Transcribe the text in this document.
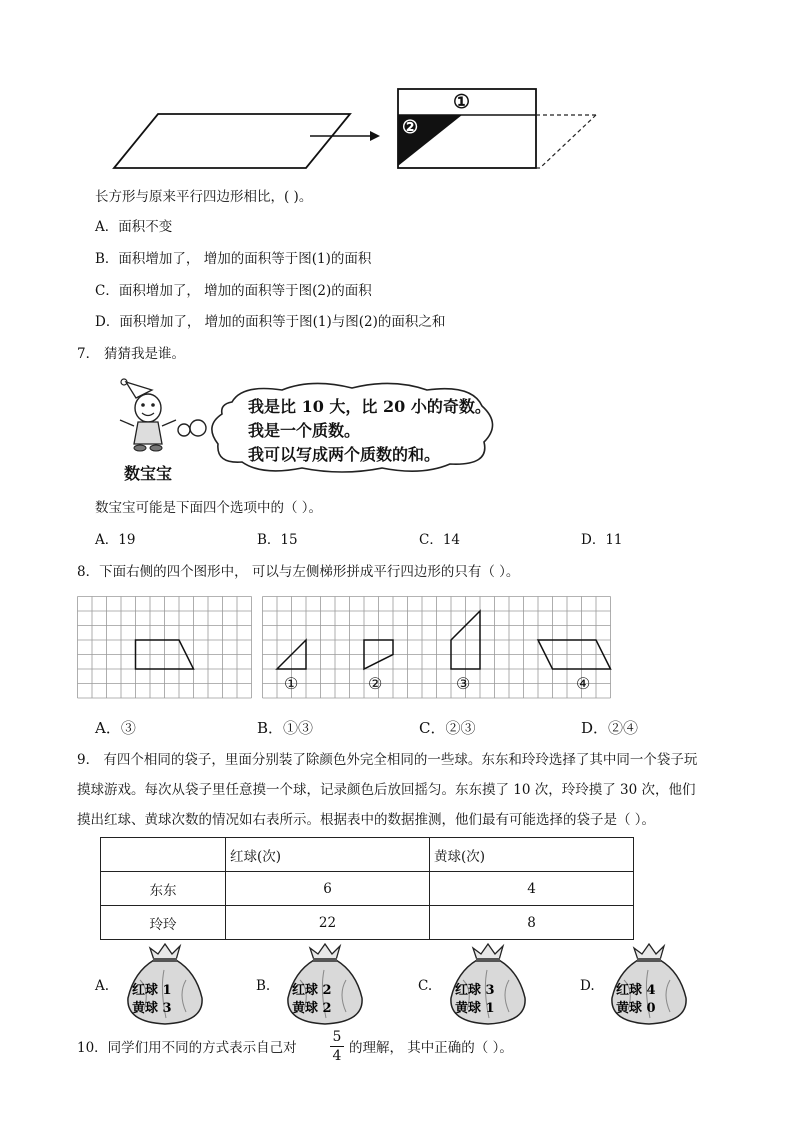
①
②
长方形与原来平行四边形相比，( )。
A．面积不变
B．面积增加了， 增加的面积等于图(1)的面积
C．面积增加了， 增加的面积等于图(2)的面积
D．面积增加了， 增加的面积等于图(1)与图(2)的面积之和
7． 猜猜我是谁。
数宝宝
我是比 10 大，比 20 小的奇数。
我是一个质数。
我可以写成两个质数的和。
数宝宝可能是下面四个选项中的（ ）。
A．19	B．15	C．14	D．11
8．下面右侧的四个图形中， 可以与左侧梯形拼成平行四边形的只有（ ）。
①	②	③	④
A．③	B．①③	C．②③	D．②④
9． 有四个相同的袋子，里面分别装了除颜色外完全相同的一些球。东东和玲玲选择了其中同一个袋子玩
摸球游戏。每次从袋子里任意摸一个球，记录颜色后放回摇匀。东东摸了 10 次，玲玲摸了 30 次，他们
摸出红球、黄球次数的情况如右表所示。根据表中的数据推测，他们最有可能选择的袋子是（ ）。
	红球(次)	黄球(次)
东东	6	4
玲玲	22	8
A.	B.	C.	D.
红球 1
黄球 3
红球 2
黄球 2
红球 3
黄球 1
红球 4
黄球 0
10．同学们用不同的方式表示自己对
5
4 的理解， 其中正确的（ ）。
